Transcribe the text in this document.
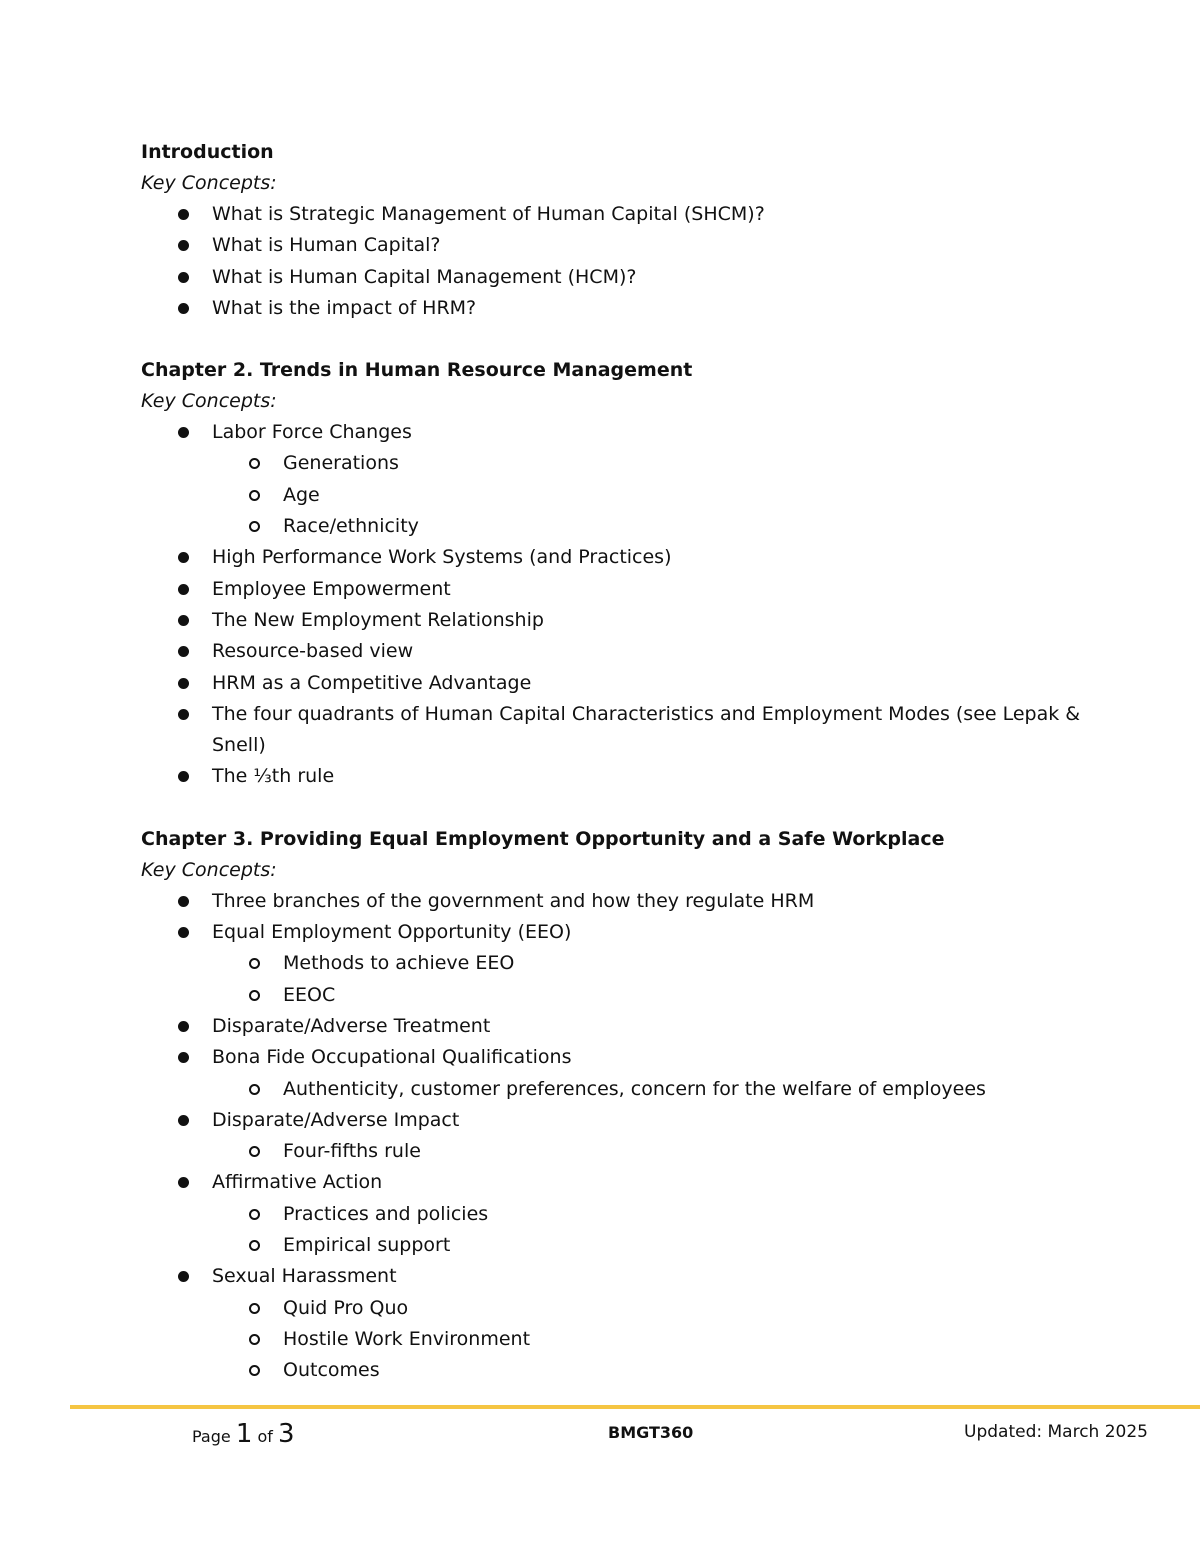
Introduction
Key Concepts:
What is Strategic Management of Human Capital (SHCM)?
What is Human Capital?
What is Human Capital Management (HCM)?
What is the impact of HRM?
Chapter 2. Trends in Human Resource Management
Key Concepts:
Labor Force Changes
Generations
Age
Race/ethnicity
High Performance Work Systems (and Practices)
Employee Empowerment
The New Employment Relationship
Resource-based view
HRM as a Competitive Advantage
The four quadrants of Human Capital Characteristics and Employment Modes (see Lepak & Snell)
The ⅓th rule
Chapter 3. Providing Equal Employment Opportunity and a Safe Workplace
Key Concepts:
Three branches of the government and how they regulate HRM
Equal Employment Opportunity (EEO)
Methods to achieve EEO
EEOC
Disparate/Adverse Treatment
Bona Fide Occupational Qualifications
Authenticity, customer preferences, concern for the welfare of employees
Disparate/Adverse Impact
Four-fifths rule
Affirmative Action
Practices and policies
Empirical support
Sexual Harassment
Quid Pro Quo
Hostile Work Environment
Outcomes
Page 1 of 3	BMGT360	Updated: March 2025
